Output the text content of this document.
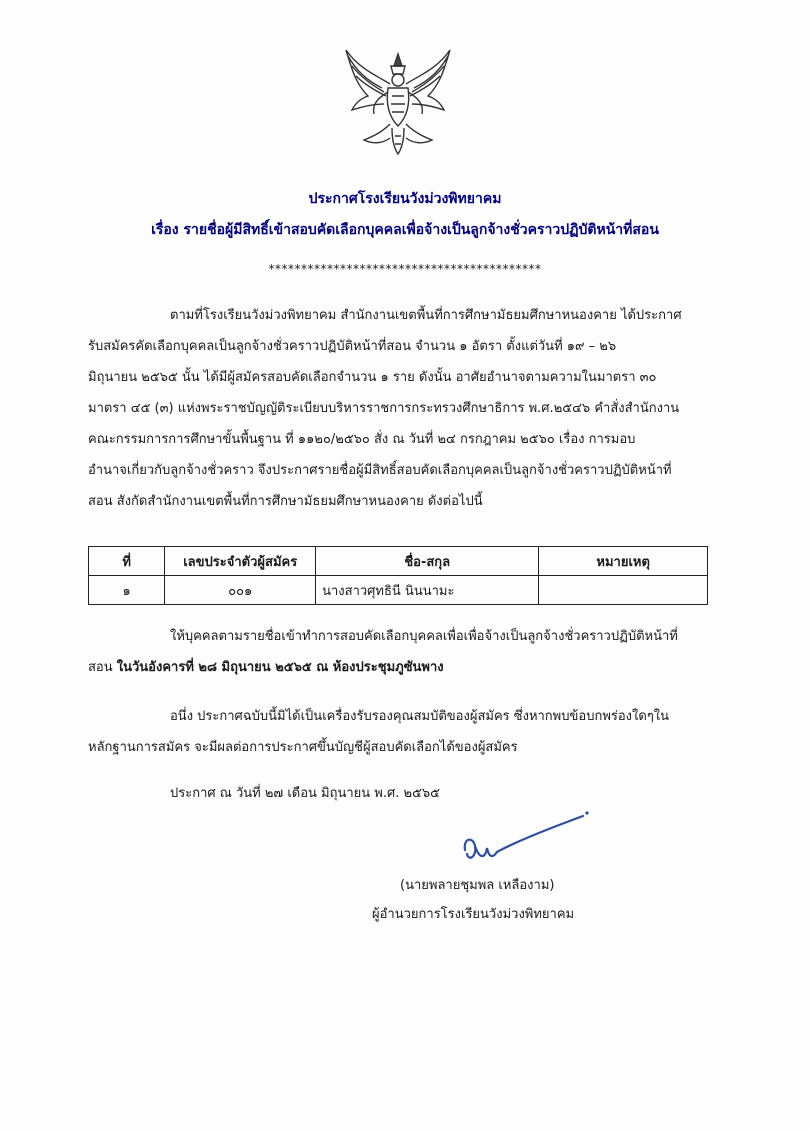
ประกาศโรงเรียนวังม่วงพิทยาคม
เรื่อง รายชื่อผู้มีสิทธิ์เข้าสอบคัดเลือกบุคคลเพื่อจ้างเป็นลูกจ้างชั่วคราวปฏิบัติหน้าที่สอน
******************************************
ตามที่โรงเรียนวังม่วงพิทยาคม สำนักงานเขตพื้นที่การศึกษามัธยมศึกษาหนองคาย ได้ประกาศ
รับสมัครคัดเลือกบุคคลเป็นลูกจ้างชั่วคราวปฏิบัติหน้าที่สอน จำนวน ๑ อัตรา ตั้งแต่วันที่ ๑๙ – ๒๖
มิถุนายน ๒๕๖๕ นั้น ได้มีผู้สมัครสอบคัดเลือกจำนวน ๑ ราย ดังนั้น อาศัยอำนาจตามความในมาตรา ๓๐
มาตรา ๔๕ (๓) แห่งพระราชบัญญัติระเบียบบริหารราชการกระทรวงศึกษาธิการ พ.ศ.๒๕๔๖ คำสั่งสำนักงาน
คณะกรรมการการศึกษาขั้นพื้นฐาน ที่ ๑๑๒๐/๒๕๖๐ สั่ง ณ วันที่ ๒๔ กรกฎาคม ๒๕๖๐ เรื่อง การมอบ
อำนาจเกี่ยวกับลูกจ้างชั่วคราว จึงประกาศรายชื่อผู้มีสิทธิ์สอบคัดเลือกบุคคลเป็นลูกจ้างชั่วคราวปฏิบัติหน้าที่
สอน สังกัดสำนักงานเขตพื้นที่การศึกษามัธยมศึกษาหนองคาย ดังต่อไปนี้
ที่	เลขประจำตัวผู้สมัคร	ชื่อ-สกุล	หมายเหตุ
๑	๐๐๑	นางสาวศุทธินี นินนามะ	
ให้บุคคลตามรายชื่อเข้าทำการสอบคัดเลือกบุคคลเพื่อเพื่อจ้างเป็นลูกจ้างชั่วคราวปฏิบัติหน้าที่
สอน ในวันอังคารที่ ๒๘ มิถุนายน ๒๕๖๕ ณ ห้องประชุมภูซันพาง
อนึ่ง ประกาศฉบับนี้มิได้เป็นเครื่องรับรองคุณสมบัติของผู้สมัคร ซึ่งหากพบข้อบกพร่องใดๆใน
หลักฐานการสมัคร จะมีผลต่อการประกาศขึ้นบัญชีผู้สอบคัดเลือกได้ของผู้สมัคร
ประกาศ ณ วันที่ ๒๗ เดือน มิถุนายน พ.ศ. ๒๕๖๕
(นายพลายชุมพล เหลืองาม)
ผู้อำนวยการโรงเรียนวังม่วงพิทยาคม
